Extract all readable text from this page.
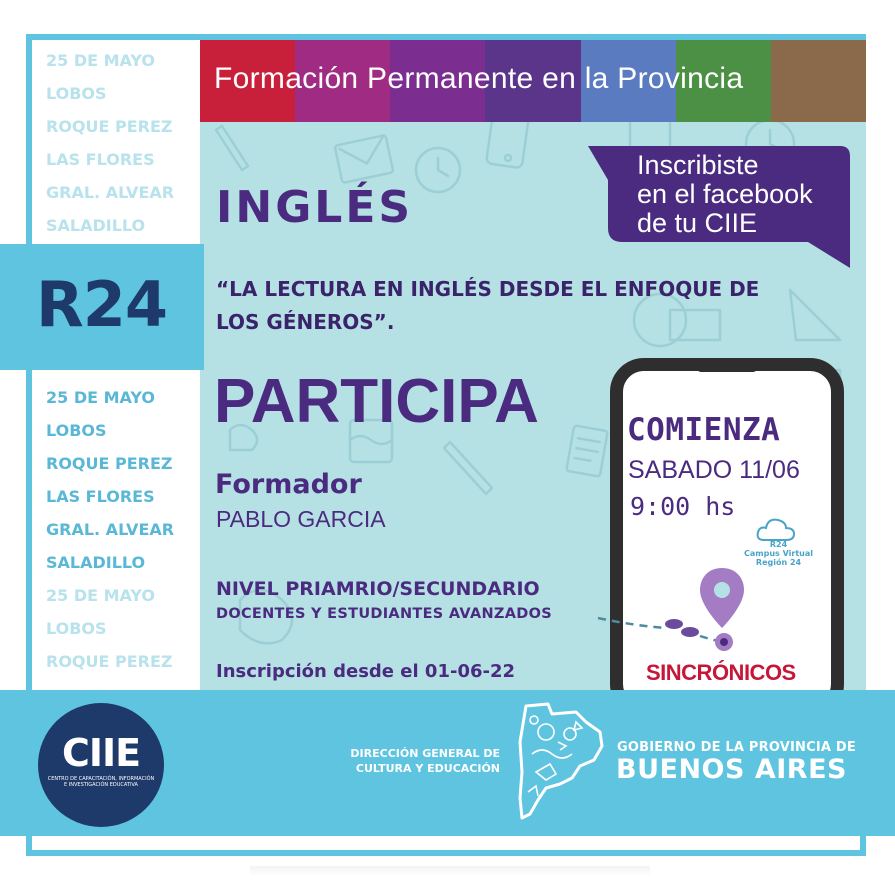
Formación Permanente en la Provincia
25 DE MAYO
LOBOS
ROQUE PEREZ
LAS FLORES
GRAL. ALVEAR
SALADILLO
R24
25 DE MAYO
LOBOS
ROQUE PEREZ
LAS FLORES
GRAL. ALVEAR
SALADILLO
25 DE MAYO
LOBOS
ROQUE PEREZ
Inscribiste
en el facebook
de tu CIIE
INGLÉS
“LA LECTURA EN INGLÉS DESDE EL ENFOQUE DE LOS GÉNEROS”.
PARTICIPA
Formador
PABLO GARCIA
NIVEL PRIAMRIO/SECUNDARIO
DOCENTES Y ESTUDIANTES AVANZADOS
Inscripción desde el 01-06-22
COMIENZA
SABADO 11/06
9:00 hs
R24
Campus Virtual
Región 24
SINCRÓNICOS
CIIE
CENTRO DE CAPACITACIÓN, INFORMACIÓN E INVESTIGACIÓN EDUCATIVA
DIRECCIÓN GENERAL DE CULTURA Y EDUCACIÓN
GOBIERNO DE LA PROVINCIA DE
BUENOS AIRES
